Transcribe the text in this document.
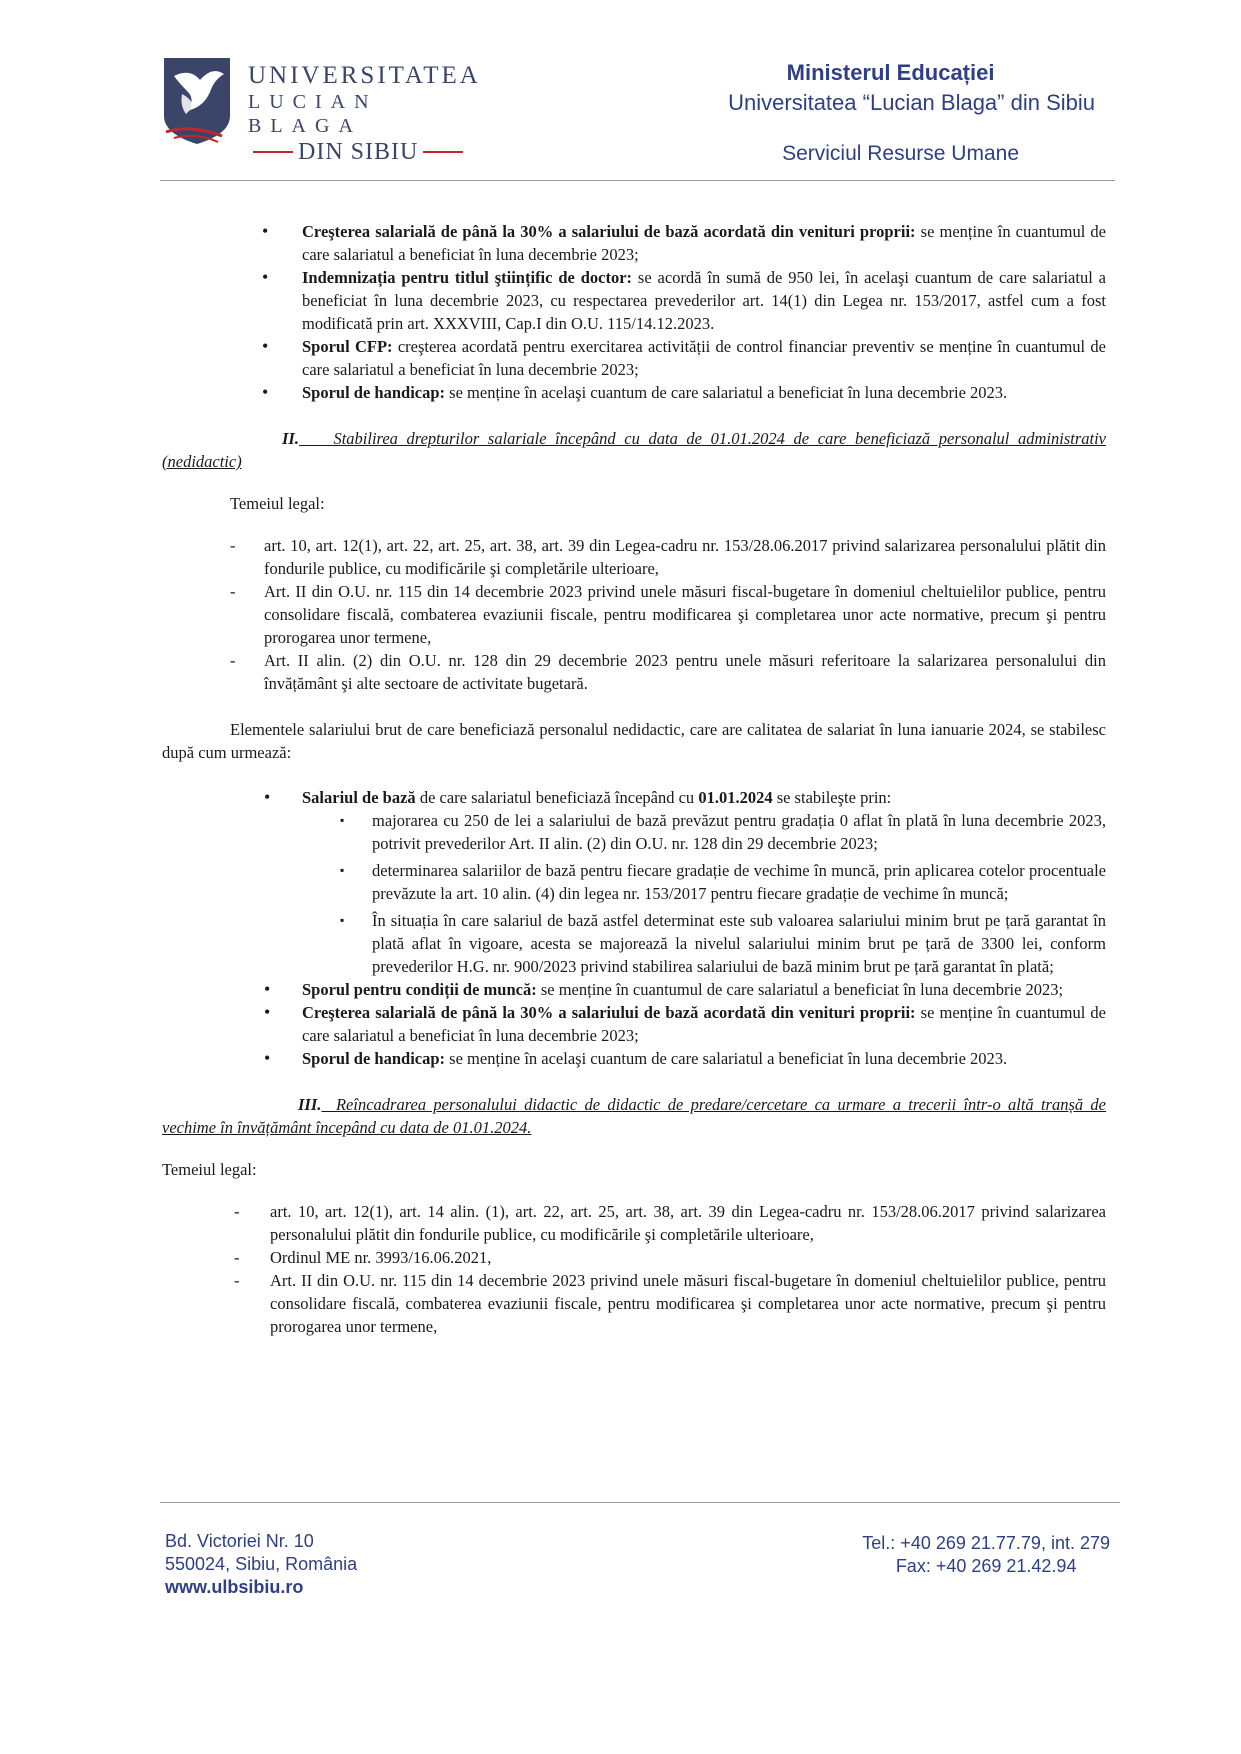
UNIVERSITATEA
LUCIAN BLAGA
DIN SIBIU
Ministerul Educației
Universitatea “Lucian Blaga” din Sibiu
Serviciul Resurse Umane
• Creşterea salarială de până la 30% a salariului de bază acordată din venituri proprii: se menține în cuantumul de care salariatul a beneficiat în luna decembrie 2023;
• Indemnizația pentru titlul ştiințific de doctor: se acordă în sumă de 950 lei, în acelaşi cuantum de care salariatul a beneficiat în luna decembrie 2023, cu respectarea prevederilor art. 14(1) din Legea nr. 153/2017, astfel cum a fost modificată prin art. XXXVIII, Cap.I din O.U. 115/14.12.2023.
• Sporul CFP: creşterea acordată pentru exercitarea activității de control financiar preventiv se menține în cuantumul de care salariatul a beneficiat în luna decembrie 2023;
• Sporul de handicap: se menține în acelaşi cuantum de care salariatul a beneficiat în luna decembrie 2023.

II. Stabilirea drepturilor salariale începând cu data de 01.01.2024 de care beneficiază personalul administrativ (nedidactic)

Temeiul legal:

- art. 10, art. 12(1), art. 22, art. 25, art. 38, art. 39 din Legea-cadru nr. 153/28.06.2017 privind salarizarea personalului plătit din fondurile publice, cu modificările şi completările ulterioare,
- Art. II din O.U. nr. 115 din 14 decembrie 2023 privind unele măsuri fiscal-bugetare în domeniul cheltuielilor publice, pentru consolidare fiscală, combaterea evaziunii fiscale, pentru modificarea şi completarea unor acte normative, precum şi pentru prorogarea unor termene,
- Art. II alin. (2) din O.U. nr. 128 din 29 decembrie 2023 pentru unele măsuri referitoare la salarizarea personalului din învățământ şi alte sectoare de activitate bugetară.

Elementele salariului brut de care beneficiază personalul nedidactic, care are calitatea de salariat în luna ianuarie 2024, se stabilesc după cum urmează:

• Salariul de bază de care salariatul beneficiază începând cu 01.01.2024 se stabileşte prin:
▪ majorarea cu 250 de lei a salariului de bază prevăzut pentru gradația 0 aflat în plată în luna decembrie 2023, potrivit prevederilor Art. II alin. (2) din O.U. nr. 128 din 29 decembrie 2023;
▪ determinarea salariilor de bază pentru fiecare gradație de vechime în muncă, prin aplicarea cotelor procentuale prevăzute la art. 10 alin. (4) din legea nr. 153/2017 pentru fiecare gradație de vechime în muncă;
▪ În situația în care salariul de bază astfel determinat este sub valoarea salariului minim brut pe țară garantat în plată aflat în vigoare, acesta se majorează la nivelul salariului minim brut pe țară de 3300 lei, conform prevederilor H.G. nr. 900/2023 privind stabilirea salariului de bază minim brut pe țară garantat în plată;
• Sporul pentru condiții de muncă: se menține în cuantumul de care salariatul a beneficiat în luna decembrie 2023;
• Creşterea salarială de până la 30% a salariului de bază acordată din venituri proprii: se menține în cuantumul de care salariatul a beneficiat în luna decembrie 2023;
• Sporul de handicap: se menține în acelaşi cuantum de care salariatul a beneficiat în luna decembrie 2023.

III. Reîncadrarea personalului didactic de didactic de predare/cercetare ca urmare a trecerii într-o altă tranșă de vechime în învățământ începând cu data de 01.01.2024.

Temeiul legal:

- art. 10, art. 12(1), art. 14 alin. (1), art. 22, art. 25, art. 38, art. 39 din Legea-cadru nr. 153/28.06.2017 privind salarizarea personalului plătit din fondurile publice, cu modificările şi completările ulterioare,
- Ordinul ME nr. 3993/16.06.2021,
- Art. II din O.U. nr. 115 din 14 decembrie 2023 privind unele măsuri fiscal-bugetare în domeniul cheltuielilor publice, pentru consolidare fiscală, combaterea evaziunii fiscale, pentru modificarea şi completarea unor acte normative, precum şi pentru prorogarea unor termene,
Bd. Victoriei Nr. 10
550024, Sibiu, România
www.ulbsibiu.ro
Tel.: +40 269 21.77.79, int. 279
Fax: +40 269 21.42.94
